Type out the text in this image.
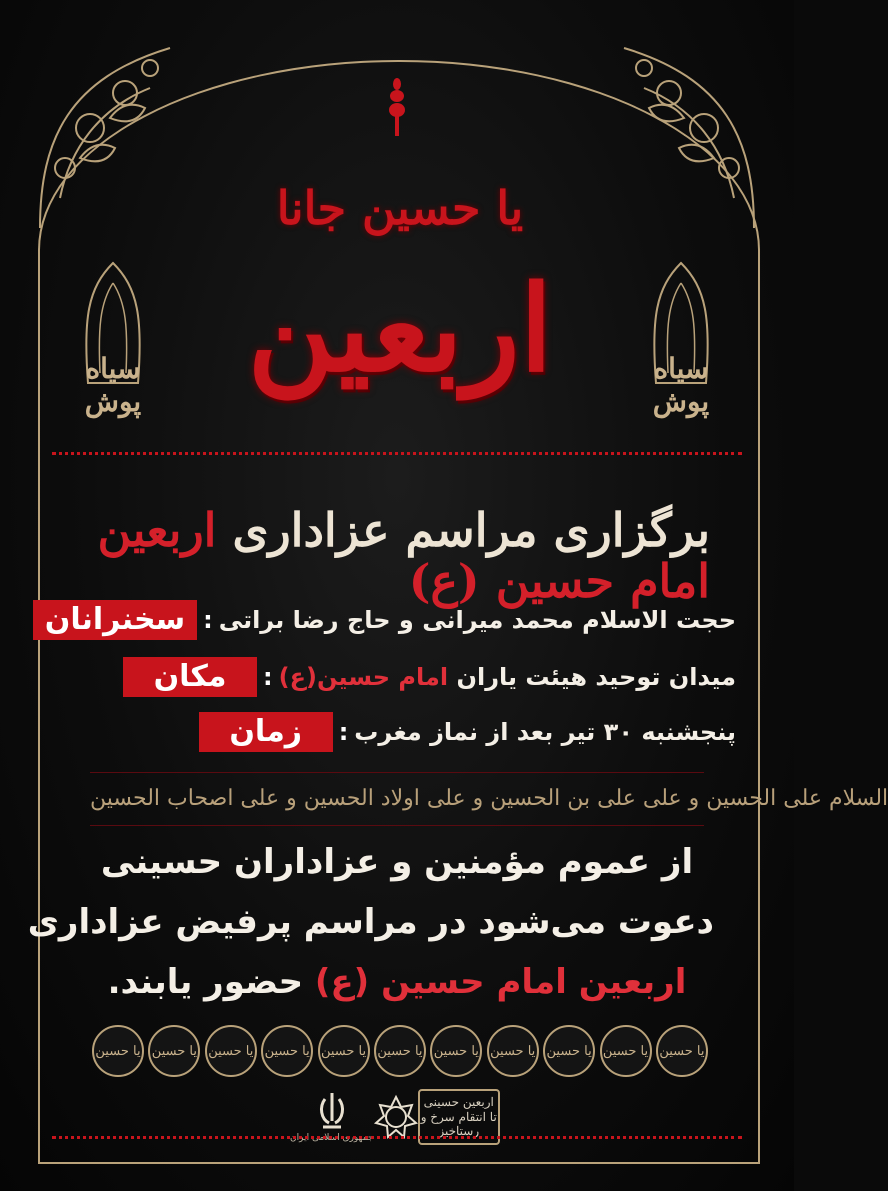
یا حسین جانا
اربعین
سیاه پوش
سیاه پوش
برگزاری مراسم عزاداری اربعین امام حسین (ع)
سخنرانان : حجت الاسلام محمد میرانی و حاج رضا براتی
مکان	:	میدان توحید هیئت یاران امام حسین(ع)
زمان	: پنجشنبه ۳۰ تیر بعد از نماز مغرب
السلام علی الحسین و علی علی بن الحسین و علی اولاد الحسین و علی اصحاب الحسین
از عموم مؤمنین و عزاداران حسینی
دعوت می‌شود در مراسم پرفیض عزاداری
اربعین امام حسین (ع) حضور یابند.
یا حسین یا حسین یا حسین یا حسین یا حسین یا حسین یا حسین یا حسین یا حسین یا حسین یا حسین
جمهوری اسلامی ایران
اربعین حسینی تا انتقام سرخ و رستاخیز
